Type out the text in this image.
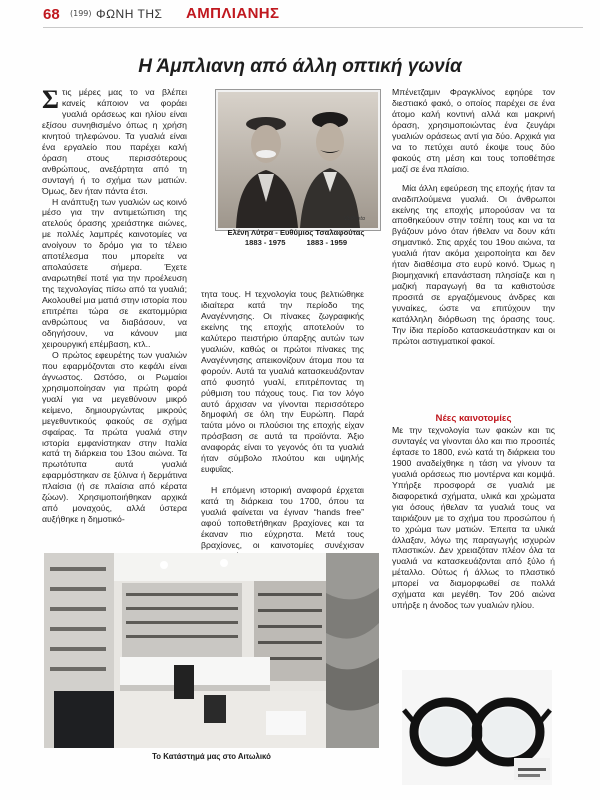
68 (199) ΦΩΝΗ ΤΗΣ ΑΜΠΛΙΑΝΗΣ
Η Άμπλιανη από άλλη οπτική γωνία

Στις μέρες μας το να βλέπει κανείς κάποιον να φοράει γυαλιά οράσεως και ηλίου είναι εξίσου συνηθισμένο όπως η χρήση κινητού τηλεφώνου. Τα γυαλιά είναι ένα εργαλείο που παρέχει καλή όραση στους περισσότερους ανθρώπους, ανεξάρτητα από τη συνταγή ή το σχήμα των ματιών. Όμως, δεν ήταν πάντα έτσι.

Η ανάπτυξη των γυαλιών ως κοινό μέσο για την αντιμετώπιση της ατελούς όρασης χρειάστηκε αιώνες, με πολλές λαμπρές καινοτομίες να ανοίγουν το δρόμο για το τέλειο αποτέλεσμα που μπορείτε να απολαύσετε σήμερα. Έχετε αναρωτηθεί ποτέ για την προέλευση της τεχνολογίας πίσω από τα γυαλιά; Ακολουθεί μια ματιά στην ιστορία που επιτρέπει τώρα σε εκατομμύρια ανθρώπους να διαβάσουν, να οδηγήσουν, να κάνουν μια χειρουργική επέμβαση, κτλ..

Ο πρώτος εφευρέτης των γυαλιών που εφαρμόζονται στο κεφάλι είναι άγνωστος. Ωστόσο, οι Ρωμαίοι χρησιμοποίησαν για πρώτη φορά γυαλί για να μεγεθύνουν μικρό κείμενο, δημιουργώντας μικρούς μεγεθυντικούς φακούς σε σχήμα σφαίρας. Τα πρώτα γυαλιά στην ιστορία εμφανίστηκαν στην Ιταλία κατά τη διάρκεια του 13ου αιώνα. Τα πρωτότυπα αυτά γυαλιά εφαρμόστηκαν σε ξύλινα ή δερμάτινα πλαίσια (ή σε πλαίσια από κέρατα ζώων). Χρησιμοποιήθηκαν αρχικά από μοναχούς, αλλά ύστερα αυξήθηκε η δημοτικό-

Vt.Photo
Ελένη Λύτρα - Ευθύμιος Τσαλαφούτας
1883 - 1975          1883 - 1959

τητα τους. Η τεχνολογία τους βελτιώθηκε ιδιαίτερα κατά την περίοδο της Αναγέννησης. Οι πίνακες ζωγραφικής εκείνης της εποχής αποτελούν το καλύτερο πειστήριο ύπαρξης αυτών των γυαλιών, καθώς οι πρώτοι πίνακες της Αναγέννησης απεικονίζουν άτομα που τα φορούν. Αυτά τα γυαλιά κατασκευάζονταν από φυσητό γυαλί, επιτρέποντας τη ρύθμιση του πάχους τους. Για τον λόγο αυτό άρχισαν να γίνονται περισσότερο δημοφιλή σε όλη την Ευρώπη. Παρά ταύτα μόνο οι πλούσιοι της εποχής είχαν πρόσβαση σε αυτά τα προϊόντα. Άξιο αναφοράς είναι το γεγονός ότι τα γυαλιά ήταν σύμβολο πλούτου και υψηλής ευφυΐας.

Η επόμενη ιστορική αναφορά έρχεται κατά τη διάρκεια του 1700, όπου τα γυαλιά φαίνεται να έγιναν “hands free” αφού τοποθετήθηκαν βραχίονες και τα έκαναν πιο εύχρηστα. Μετά τους βραχίονες, οι καινοτομίες συνέχισαν

Το Κατάστημά μας στο Αιτωλικό

Μπένετζαμιν Φραγκλίνος εφηύρε τον διεστιακό φακό, ο οποίος παρέχει σε ένα άτομο καλή κοντινή αλλά και μακρινή όραση, χρησιμοποιώντας ένα ζευγάρι γυαλιών οράσεως αντί για δύο. Αρχικά για να το πετύχει αυτό έκοψε τους δύο φακούς στη μέση και τους τοποθέτησε μαζί σε ένα πλαίσιο.

Μία άλλη εφεύρεση της εποχής ήταν τα αναδιπλούμενα γυαλιά. Οι άνθρωποι εκείνης της εποχής μπορούσαν να τα αποθηκεύουν στην τσέπη τους και να τα βγάζουν μόνο όταν ήθελαν να δουν κάτι σημαντικό. Στις αρχές του 19ου αιώνα, τα γυαλιά ήταν ακόμα χειροποίητα και δεν ήταν διαθέσιμα στο ευρύ κοινό. Όμως η βιομηχανική επανάσταση πλησίαζε και η μαζική παραγωγή θα τα καθιστούσε προσιτά σε εργαζόμενους άνδρες και γυναίκες, ώστε να επιτύχουν την κατάλληλη διόρθωση της όρασης τους. Την ίδια περίοδο κατασκευάστηκαν και οι πρώτοι αστιγματικοί φακοί.

Νέες καινοτομίες

Με την τεχνολογία των φακών και τις συνταγές να γίνονται όλο και πιο προσιτές έφτασε το 1800, ενώ κατά τη διάρκεια του 1900 αναδείχθηκε η τάση να γίνουν τα γυαλιά οράσεως πιο μοντέρνα και κομψά. Υπήρξε προσφορά σε γυαλιά με διαφορετικά σχήματα, υλικά και χρώματα για όσους ήθελαν τα γυαλιά τους να ταιριάζουν με το σχήμα του προσώπου ή το χρώμα των ματιών. Έπειτα τα υλικά άλλαξαν, λόγω της παραγωγής ισχυρών πλαστικών. Δεν χρειαζόταν πλέον όλα τα γυαλιά να κατασκευάζονται από ξύλο ή μέταλλο. Ούτως ή άλλως το πλαστικό μπορεί να διαμορφωθεί σε πολλά σχήματα και μεγέθη. Τον 20ό αιώνα υπήρξε η άνοδος των γυαλιών ηλίου.
